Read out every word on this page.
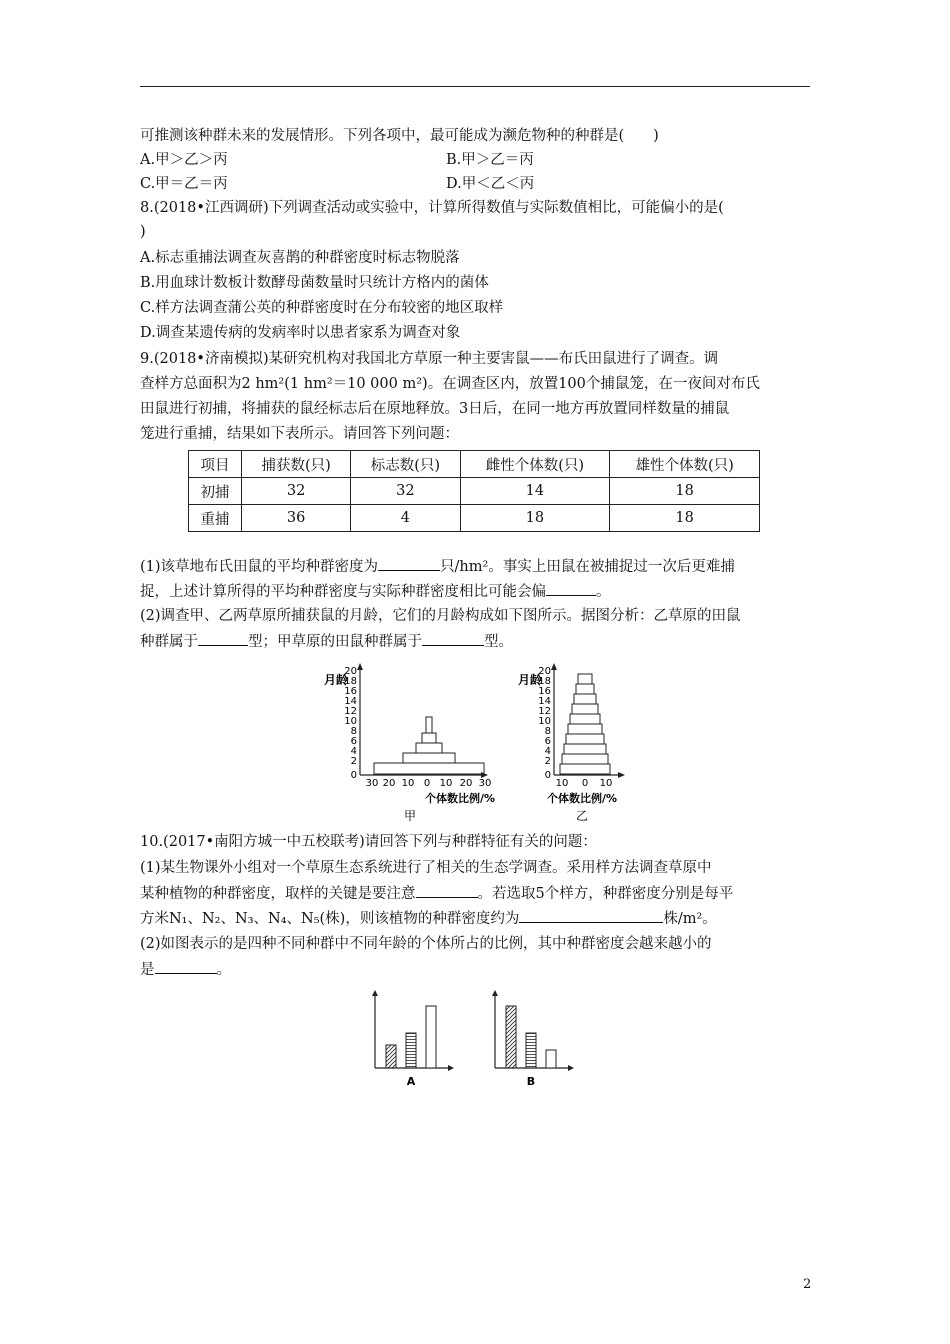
可推测该种群未来的发展情形。下列各项中，最可能成为濒危物种的种群是(　　)
A.甲＞乙＞丙	B.甲＞乙＝丙
C.甲＝乙＝丙	D.甲＜乙＜丙
8.(2018•江西调研)下列调查活动或实验中，计算所得数值与实际数值相比，可能偏小的是(
)
A.标志重捕法调查灰喜鹊的种群密度时标志物脱落
B.用血球计数板计数酵母菌数量时只统计方格内的菌体
C.样方法调查蒲公英的种群密度时在分布较密的地区取样
D.调查某遗传病的发病率时以患者家系为调查对象
9.(2018•济南模拟)某研究机构对我国北方草原一种主要害鼠——布氏田鼠进行了调查。调
查样方总面积为2 hm²(1 hm²＝10 000 m²)。在调查区内，放置100个捕鼠笼，在一夜间对布氏
田鼠进行初捕，将捕获的鼠经标志后在原地释放。3日后，在同一地方再放置同样数量的捕鼠
笼进行重捕，结果如下表所示。请回答下列问题：
项目	捕获数(只)	标志数(只)	雌性个体数(只)	雄性个体数(只)
初捕	32	32	14	18
重捕	36	4	18	18
(1)该草地布氏田鼠的平均种群密度为	只/hm²。事实上田鼠在被捕捉过一次后更难捕
捉，上述计算所得的平均种群密度与实际种群密度相比可能会偏	。
(2)调查甲、乙两草原所捕获鼠的月龄，它们的月龄构成如下图所示。据图分析：乙草原的田鼠
种群属于	型；甲草原的田鼠种群属于	型。
月龄
20
18
16
14
12
10
8
6
4
2
0
30 20 10 0 10 20 30
个体数比例/%
甲
月龄
20
18
16
14
12
10
8
6
4
2
0
10 0 10
个体数比例/%
乙
10.(2017•南阳方城一中五校联考)请回答下列与种群特征有关的问题：
(1)某生物课外小组对一个草原生态系统进行了相关的生态学调查。采用样方法调查草原中
某种植物的种群密度，取样的关键是要注意	。若选取5个样方，种群密度分别是每平
方米N₁、N₂、N₃、N₄、N₅(株)，则该植物的种群密度约为	株/m²。
(2)如图表示的是四种不同种群中不同年龄的个体所占的比例，其中种群密度会越来越小的
是	。
A	B
2
